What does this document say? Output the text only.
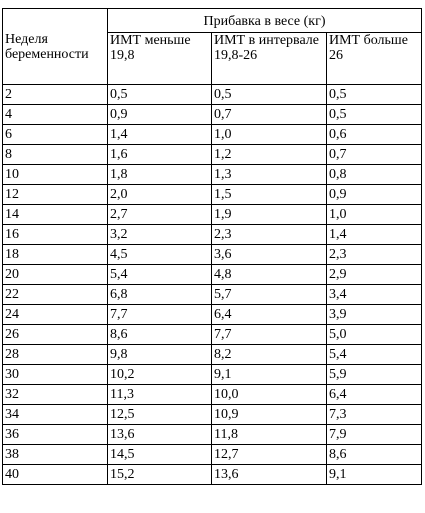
Неделя беременности	Прибавка в весе (кг)		
	ИМТ меньше 19,8	ИМТ в интервале 19,8-26	ИМТ больше 26
2	0,5	0,5	0,5
4	0,9	0,7	0,5
6	1,4	1,0	0,6
8	1,6	1,2	0,7
10	1,8	1,3	0,8
12	2,0	1,5	0,9
14	2,7	1,9	1,0
16	3,2	2,3	1,4
18	4,5	3,6	2,3
20	5,4	4,8	2,9
22	6,8	5,7	3,4
24	7,7	6,4	3,9
26	8,6	7,7	5,0
28	9,8	8,2	5,4
30	10,2	9,1	5,9
32	11,3	10,0	6,4
34	12,5	10,9	7,3
36	13,6	11,8	7,9
38	14,5	12,7	8,6
40	15,2	13,6	9,1
